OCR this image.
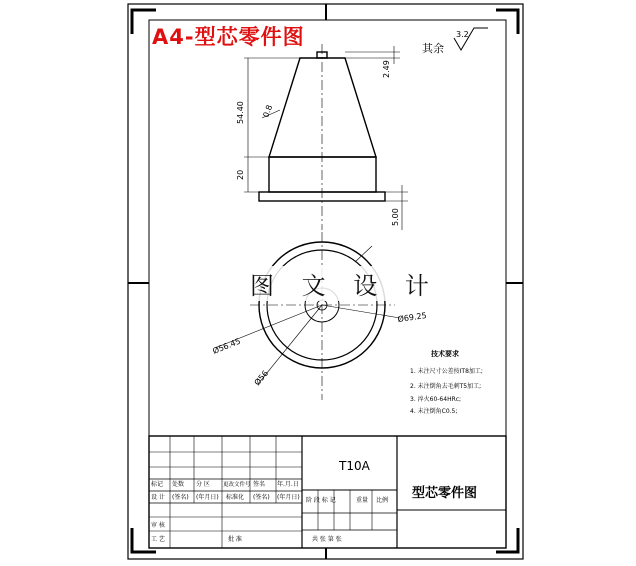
54.40
20
2.49
5.00
0.8
Ø56.45
Ø69.25
Ø56
技术要求
1. 未注尺寸公差按IT8加工;
2. 未注倒角去毛刺T5加工;
3. 淬火60-64HRc;
4. 未注倒角C0.5;
T10A
型芯零件图
阶 段 标 记	重量 比例
共 张 第 张
标记 处数 分 区 更改文件号 签名 年.月.日
设 计 (签名) (年月日) 标准化 (签名) (年月日)
审 核
工 艺	批 准
A4-型芯零件图
图 文 设 计
其余
3.2
